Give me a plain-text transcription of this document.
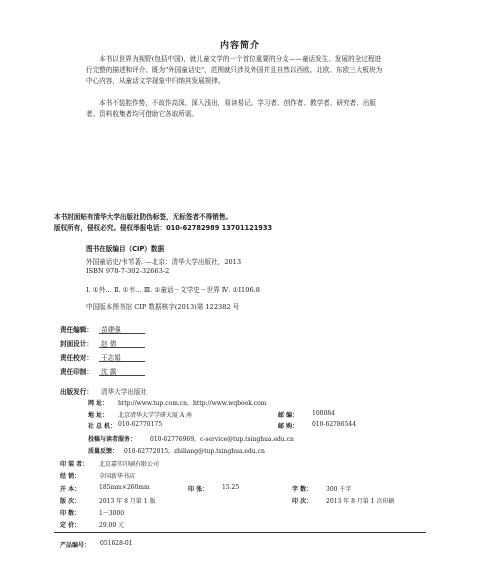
内容简介
本书以世界为视野(包括中国)，就儿童文学的一个首位重要的分支——童话发生、发展的全过程进行完整的描述和评介。既为"外国童话史"，范围就只涉及外国并且自然以西欧、北欧、东欧三大板块为中心内容，从童话文学现象中归纳其发展规律。
本书不装腔作势，不故作高深，深入浅出，易读易记。学习者、创作者、教学者、研究者、出版者、资料收集者均可借助它各取所需。
本书封面贴有清华大学出版社防伪标签，无标签者不得销售。
版权所有，侵权必究。侵权举报电话：010-62782989 13701121933
图书在版编目（CIP）数据
外国童话史/韦苇著. —北京：清华大学出版社，2013
ISBN 978-7-302-32663-2
Ⅰ. ①外… Ⅱ. ①韦… Ⅲ. ①童话－文学史－世界 Ⅳ. ①I106.8
中国版本图书馆 CIP 数据核字(2013)第 122382 号
责任编辑： 苗建强
封面设计： 赵 倩
责任校对： 王志娟
责任印制： 沈 露
出版发行： 清华大学出版社
网 址： http://www.tup.com.cn，http://www.wqbook.com
地 址： 北京清华大学学研大厦 A 座	邮 编： 100084
社 总 机： 010-62770175	邮 购： 010-62786544
投稿与读者服务： 010-62776969，c-service@tup.tsinghua.edu.cn
质量反馈： 010-62772015，zhiliang@tup.tsinghua.edu.cn
印 装 者： 北京嘉实印刷有限公司
经 销：	全国新华书店
开 本：	185mm×260mm	印 张： 15.25	字 数： 300 千字
版 次：	2013 年 8 月第 1 版	印 次： 2013 年 8 月第 1 次印刷
印 数：	1～3000
定 价：	29.00 元
产品编号： 051628-01
